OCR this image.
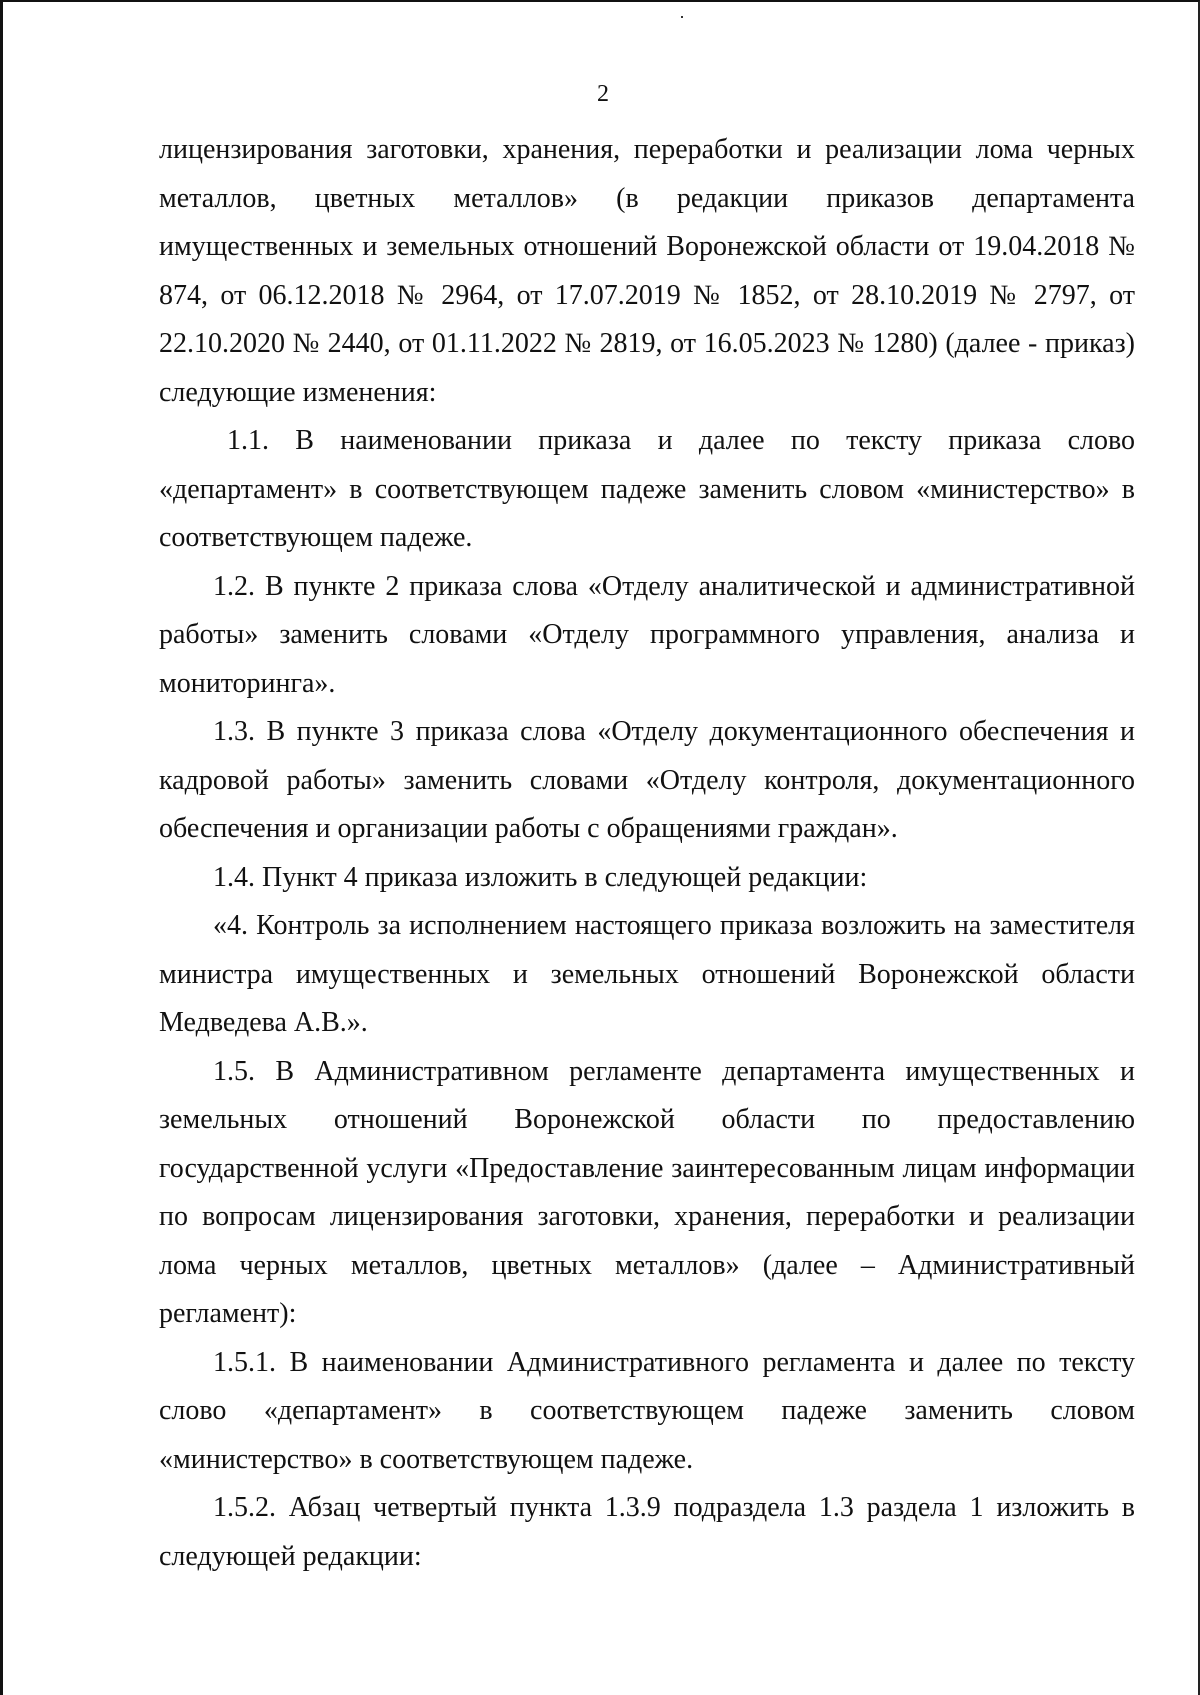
2

лицензирования заготовки, хранения, переработки и реализации лома черных металлов, цветных металлов» (в редакции приказов департамента имущественных и земельных отношений Воронежской области от 19.04.2018 № 874, от 06.12.2018 № 2964, от 17.07.2019 № 1852, от 28.10.2019 № 2797, от 22.10.2020 № 2440, от 01.11.2022 № 2819, от 16.05.2023 № 1280) (далее - приказ) следующие изменения:

1.1. В наименовании приказа и далее по тексту приказа слово «департамент» в соответствующем падеже заменить словом «министерство» в соответствующем падеже.

1.2. В пункте 2 приказа слова «Отделу аналитической и административной работы» заменить словами «Отделу программного управления, анализа и мониторинга».

1.3. В пункте 3 приказа слова «Отделу документационного обеспечения и кадровой работы» заменить словами «Отделу контроля, документационного обеспечения и организации работы с обращениями граждан».

1.4. Пункт 4 приказа изложить в следующей редакции:

«4. Контроль за исполнением настоящего приказа возложить на заместителя министра имущественных и земельных отношений Воронежской области Медведева А.В.».

1.5. В Административном регламенте департамента имущественных и земельных отношений Воронежской области по предоставлению государственной услуги «Предоставление заинтересованным лицам информации по вопросам лицензирования заготовки, хранения, переработки и реализации лома черных металлов, цветных металлов» (далее – Административный регламент):

1.5.1. В наименовании Административного регламента и далее по тексту слово «департамент» в соответствующем падеже заменить словом «министерство» в соответствующем падеже.

1.5.2. Абзац четвертый пункта 1.3.9 подраздела 1.3 раздела 1 изложить в следующей редакции:
